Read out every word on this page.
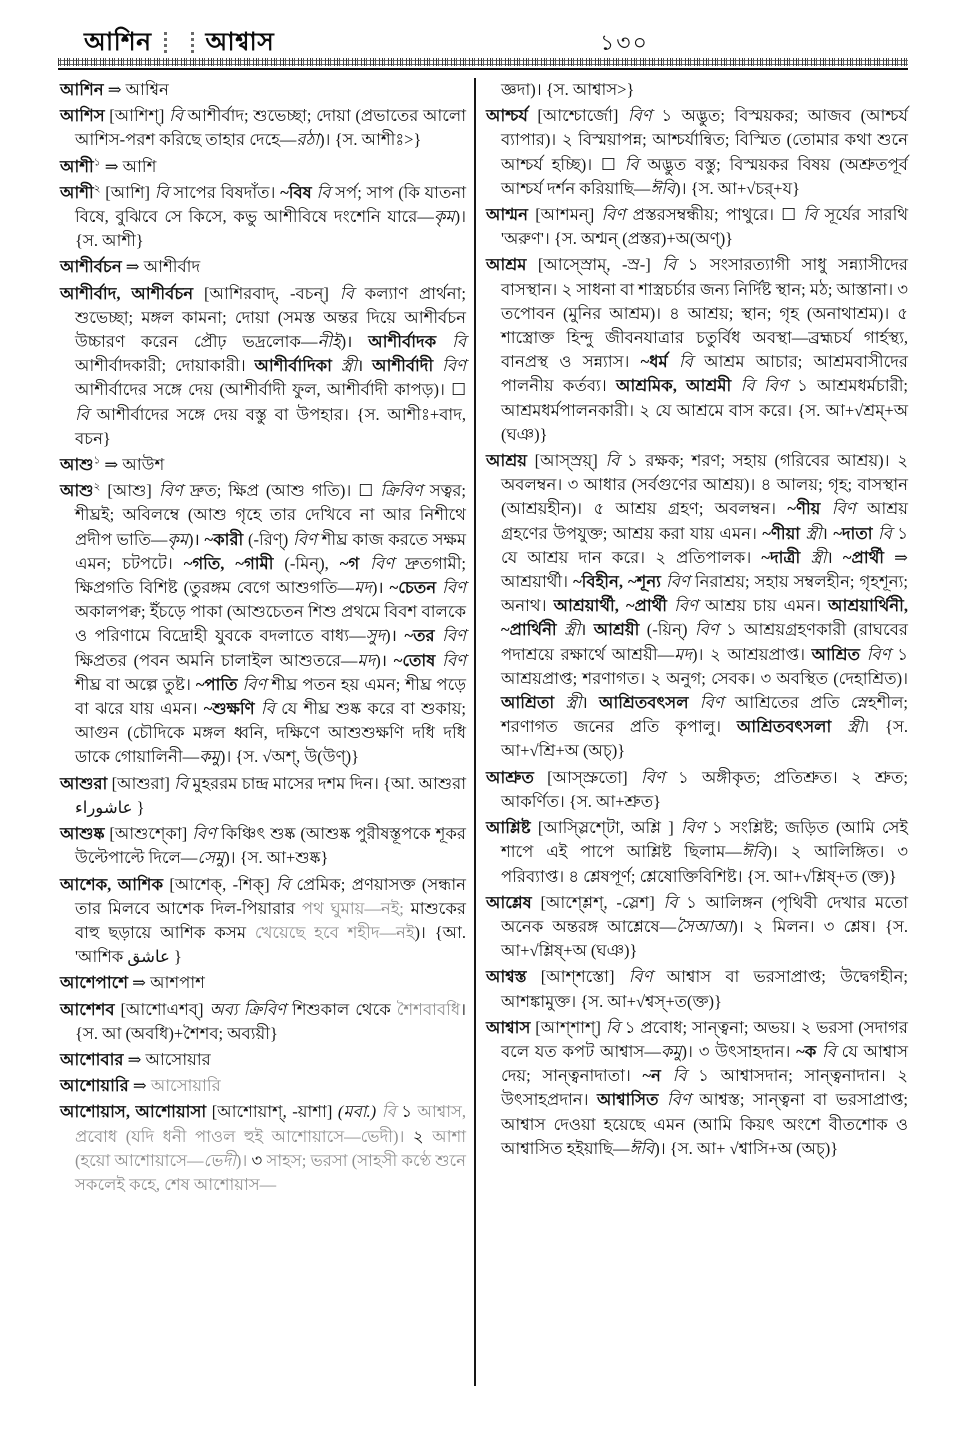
আশিন আশ্বাস	১৩০

আশিন ⇒ আশ্বিন

আশিস [আশিশ্] বি আশীর্বাদ; শুভেচ্ছা; দোয়া (প্রভাতের আলো আশিস-পরশ করিছে তাহার দেহে—রঠা)। {স. আশীঃ>}

আশী$^১$ ⇒ আশি

আশী$^২$ [আশি] বি সাপের বিষদাঁত। ~বিষ বি সর্প; সাপ (কি যাতনা বিষে, বুঝিবে সে কিসে, কভু আশীবিষে দংশেনি যারে—কৃম)। {স. আশী}

আশীর্বচন ⇒ আশীর্বাদ

আশীর্বাদ, আশীর্বচন [আশিরবাদ্, -বচন্] বি কল্যাণ প্রার্থনা; শুভেচ্ছা; মঙ্গল কামনা; দোয়া (সমস্ত অন্তর দিয়ে আশীর্বচন উচ্চারণ করেন প্রৌঢ় ভদ্রলোক—নীই)। আশীর্বাদক বি আশীর্বাদকারী; দোয়াকারী। আশীর্বাদিকা স্ত্রী। আশীর্বাদী বিণ আশীর্বাদের সঙ্গে দেয় (আশীর্বাদী ফুল, আশীর্বাদী কাপড়)। ☐ বি আশীর্বাদের সঙ্গে দেয় বস্তু বা উপহার। {স. আশীঃ+বাদ, বচন}

আশু$^১$ ⇒ আউশ

আশু$^২$ [আশু] বিণ দ্রুত; ক্ষিপ্র (আশু গতি)। ☐ ক্রিবিণ সত্বর; শীঘ্রই; অবিলম্বে (আশু গৃহে তার দেখিবে না আর নিশীথে প্রদীপ ভাতি—কৃম)। ~কারী (-রিণ্) বিণ শীঘ্র কাজ করতে সক্ষম এমন; চটপটে। ~গতি, ~গামী (-মিন্), ~গ বিণ দ্রুতগামী; ক্ষিপ্রগতি বিশিষ্ট (তুরঙ্গম বেগে আশুগতি—মদ)। ~চেতন বিণ অকালপক্ব; ইঁচড়ে পাকা (আশুচেতন শিশু প্রথমে বিবশ বালকে ও পরিণামে বিদ্রোহী যুবকে বদলাতে বাধ্য—সুদ)। ~তর বিণ ক্ষিপ্রতর (পবন অমনি চালাইল আশুতরে—মদ)। ~তোষ বিণ শীঘ্র বা অল্পে তুষ্ট। ~পাতি বিণ শীঘ্র পতন হয় এমন; শীঘ্র পড়ে বা ঝরে যায় এমন। ~শুক্ষণি বি যে শীঘ্র শুষ্ক করে বা শুকায়; আগুন (চৌদিকে মঙ্গল ধ্বনি, দক্ষিণে আশুশুক্ষণি দধি দধি ডাকে গোয়ালিনী—কমু)। {স. √অশ্, উ(উণ্)}

আশুরা [আশুরা] বি মুহররম চান্দ্র মাসের দশম দিন। {আ. আশুরা عاشوراء }

আশুষ্ক [আশুশ্কো] বিণ কিঞ্চিৎ শুষ্ক (আশুষ্ক পুরীষস্তূপকে শূকর উল্টেপাল্টে দিলে—সেমু)। {স. আ+শুষ্ক}

আশেক, আশিক [আশেক্, -শিক্] বি প্রেমিক; প্রণয়াসক্ত (সন্ধান তার মিলবে আশেক দিল-পিয়ারার পথ ঘুমায়—নই; মাশুকের বাহু ছড়ায়ে আশিক কসম খেয়েছে হবে শহীদ—নই)। {আ. 'আশিক عاشق }

আশেপাশে ⇒ আশপাশ

আশেশব [আশোএশব্] অব্য ক্রিবিণ শিশুকাল থেকে শৈশবাবধি। {স. আ (অবধি)+শৈশব; অব্যয়ী}

আশোবার ⇒ আসোয়ার

আশোয়ারি ⇒ আসোয়ারি

আশোয়াস, আশোয়াসা [আশোয়াশ্, -য়াশা] (মবা.) বি ১ আশ্বাস, প্রবোধ (যদি ধনী পাওল হুই আশোয়াসে—ভেদী)। ২ আশা (হয়ো আশোয়াসে—ভেদী)। ৩ সাহস; ভরসা (সাহসী কণ্ঠে শুনে সকলেই কহে, শেষ আশোয়াস—

জ্ঞদা)। {স. আশ্বাস>}

আশ্চর্য [আশ্চোর্জো] বিণ ১ অদ্ভুত; বিস্ময়কর; আজব (আশ্চর্য ব্যাপার)। ২ বিস্ময়াপন্ন; আশ্চর্যান্বিত; বিস্মিত (তোমার কথা শুনে আশ্চর্য হচ্ছি)। ☐ বি অদ্ভুত বস্তু; বিস্ময়কর বিষয় (অশ্রুতপূর্ব আশ্চর্য দর্শন করিয়াছি—ঈবি)। {স. আ+√চর্+য}

আশ্মন [আশমন্] বিণ প্রস্তরসম্বন্ধীয়; পাথুরে। ☐ বি সূর্যের সারথি 'অরুণ'। {স. অশ্মন্ (প্রস্তর)+অ(অণ্)}

আশ্রম [আস্স্রোম্, -স্র-] বি ১ সংসারত্যাগী সাধু সন্ন্যাসীদের বাসস্থান। ২ সাধনা বা শাস্ত্রচর্চার জন্য নির্দিষ্ট স্থান; মঠ; আস্তানা। ৩ তপোবন (মুনির আশ্রম)। ৪ আশ্রয়; স্থান; গৃহ (অনাথাশ্রম)। ৫ শাস্ত্রোক্ত হিন্দু জীবনযাত্রার চতুর্বিধ অবস্থা—ব্রহ্মচর্য গার্হস্থ্য, বানপ্রস্থ ও সন্ন্যাস। ~ধর্ম বি আশ্রম আচার; আশ্রমবাসীদের পালনীয় কর্তব্য। আশ্রমিক, আশ্রমী বি বিণ ১ আশ্রমধর্মচারী; আশ্রমধর্মপালনকারী। ২ যে আশ্রমে বাস করে। {স. আ+√শ্রম্+অ (ঘঞ)}

আশ্রয় [আস্স্রয়্] বি ১ রক্ষক; শরণ; সহায় (গরিবের আশ্রয়)। ২ অবলম্বন। ৩ আধার (সর্বগুণের আশ্রয়)। ৪ আলয়; গৃহ; বাসস্থান (আশ্রয়হীন)। ৫ আশ্রয় গ্রহণ; অবলম্বন। ~ণীয় বিণ আশ্রয় গ্রহণের উপযুক্ত; আশ্রয় করা যায় এমন। ~ণীয়া স্ত্রী। ~দাতা বি ১ যে আশ্রয় দান করে। ২ প্রতিপালক। ~দাত্রী স্ত্রী। ~প্রার্থী ⇒ আশ্রয়ার্থী। ~বিহীন, ~শূন্য বিণ নিরাশ্রয়; সহায় সম্বলহীন; গৃহশূন্য; অনাথ। আশ্রয়ার্থী, ~প্রার্থী বিণ আশ্রয় চায় এমন। আশ্রয়ার্থিনী, ~প্রার্থিনী স্ত্রী। আশ্রয়ী (-য়িন্) বিণ ১ আশ্রয়গ্রহণকারী (রাঘবের পদাশ্রয়ে রক্ষার্থে আশ্রয়ী—মদ)। ২ আশ্রয়প্রাপ্ত। আশ্রিত বিণ ১ আশ্রয়প্রাপ্ত; শরণাগত। ২ অনুগ; সেবক। ৩ অবস্থিত (দেহাশ্রিত)। আশ্রিতা স্ত্রী। আশ্রিতবৎসল বিণ আশ্রিতের প্রতি স্নেহশীল; শরণাগত জনের প্রতি কৃপালু। আশ্রিতবৎসলা স্ত্রী। {স. আ+√শ্রি+অ (অচ্)}

আশ্রুত [আস্স্রুতো] বিণ ১ অঙ্গীকৃত; প্রতিশ্রুত। ২ শ্রুত; আকর্ণিত। {স. আ+শ্রুত}

আশ্লিষ্ট [আস্স্লিশ্টো, অশ্লি ] বিণ ১ সংশ্লিষ্ট; জড়িত (আমি সেই শাপে এই পাপে আশ্লিষ্ট ছিলাম—ঈবি)। ২ আলিঙ্গিত। ৩ পরিব্যাপ্ত। ৪ শ্লেষপূর্ণ; শ্লেষোক্তিবিশিষ্ট। {স. আ+√শ্লিষ্+ত (ক্ত)}

আশ্লেষ [আশ্শ্লেশ্, -স্লেশ] বি ১ আলিঙ্গন (পৃথিবী দেখার মতো অনেক অন্তরঙ্গ আশ্লেষে—সৈআআ)। ২ মিলন। ৩ শ্লেষ। {স. আ+√শ্লিষ্+অ (ঘঞ)}

আশ্বস্ত [আশ্শস্তো] বিণ আশ্বাস বা ভরসাপ্রাপ্ত; উদ্বেগহীন; আশঙ্কামুক্ত। {স. আ+√শ্বস্+ত(ক্ত)}

আশ্বাস [আশ্শাশ্] বি ১ প্রবোধ; সান্ত্বনা; অভয়। ২ ভরসা (সদাগর বলে যত কপট আশ্বাস—কমু)। ৩ উৎসাহদান। ~ক বি যে আশ্বাস দেয়; সান্ত্বনাদাতা। ~ন বি ১ আশ্বাসদান; সান্ত্বনাদান। ২ উৎসাহপ্রদান। আশ্বাসিত বিণ আশ্বস্ত; সান্ত্বনা বা ভরসাপ্রাপ্ত; আশ্বাস দেওয়া হয়েছে এমন (আমি কিয়ৎ অংশে বীতশোক ও আশ্বাসিত হইয়াছি—ঈবি)। {স. আ+ √শ্বাসি+অ (অচ্)}
